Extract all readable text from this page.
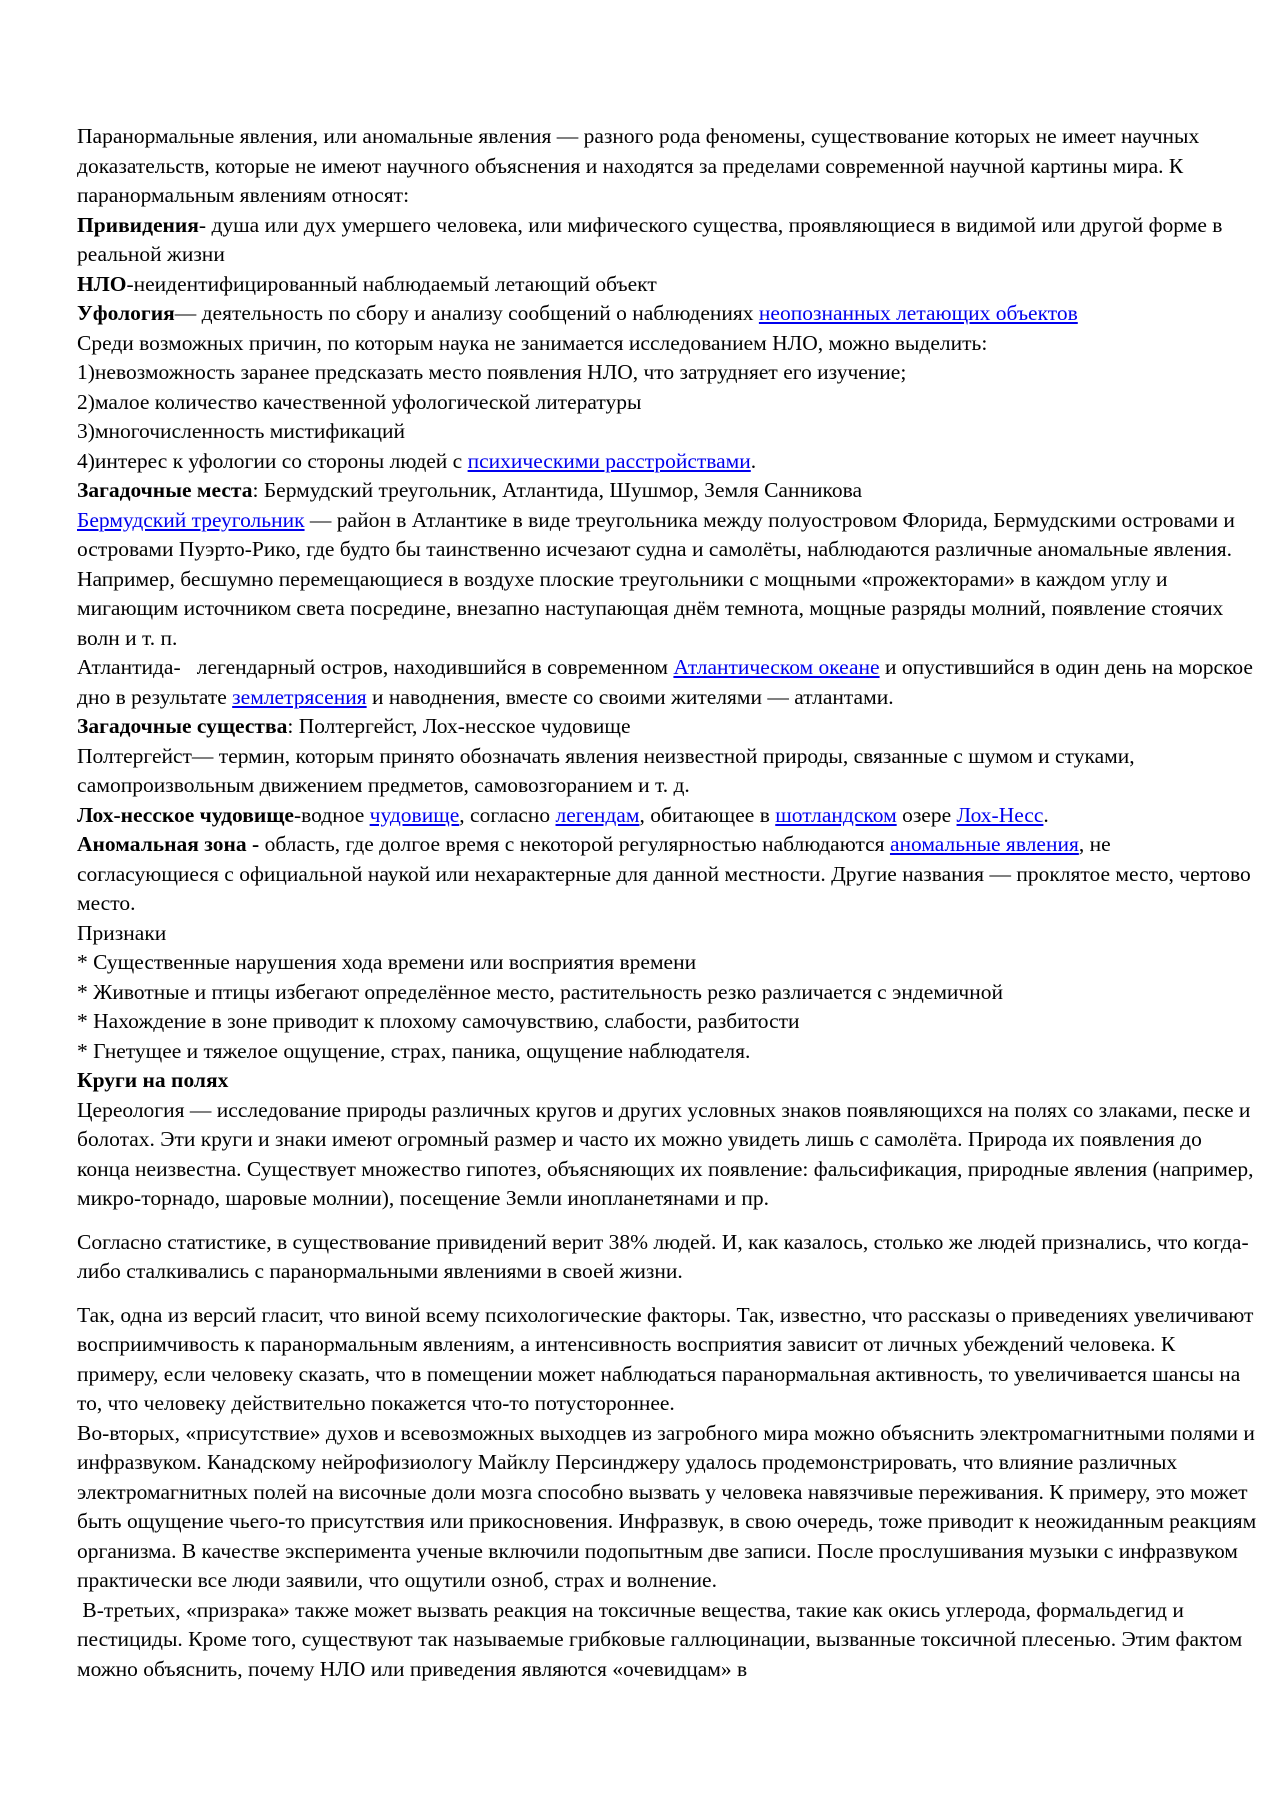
Паранормальные явления, или аномальные явления — разного рода феномены, существование которых не имеет научных доказательств, которые не имеют научного объяснения и находятся за пределами современной научной картины мира. К паранормальным явлениям относят:

Привидения- душа или дух умершего человека, или мифического существа, проявляющиеся в видимой или другой форме в реальной жизни

НЛО-неидентифицированный наблюдаемый летающий объект

Уфология— деятельность по сбору и анализу сообщений о наблюдениях неопознанных летающих объектов

Среди возможных причин, по которым наука не занимается исследованием НЛО, можно выделить:

1)невозможность заранее предсказать место появления НЛО, что затрудняет его изучение;

2)малое количество качественной уфологической литературы

3)многочисленность мистификаций

4)интерес к уфологии со стороны людей с психическими расстройствами.

Загадочные места: Бермудский треугольник, Атлантида, Шушмор, Земля Санникова

Бермудский треугольник — район в Атлантике в виде треугольника между полуостровом Флорида, Бермудскими островами и островами Пуэрто-Рико, где будто бы таинственно исчезают судна и самолёты, наблюдаются различные аномальные явления. Например, бесшумно перемещающиеся в воздухе плоские треугольники с мощными «прожекторами» в каждом углу и мигающим источником света посредине, внезапно наступающая днём темнота, мощные разряды молний, появление стоячих волн и т. п.

Атлантида-   легендарный остров, находившийся в современном Атлантическом океане и опустившийся в один день на морское дно в результате землетрясения и наводнения, вместе со своими жителями — атлантами.

Загадочные существа: Полтергейст, Лох-несское чудовище

Полтергейст— термин, которым принято обозначать явления неизвестной природы, связанные с шумом и стуками, самопроизвольным движением предметов, самовозгоранием и т. д.

Лох-несское чудовище-водное чудовище, согласно легендам, обитающее в шотландском озере Лох-Несс.

Аномальная зона - область, где долгое время с некоторой регулярностью наблюдаются аномальные явления, не согласующиеся с официальной наукой или нехарактерные для данной местности. Другие названия — проклятое место, чертово место.

Признаки

* Существенные нарушения хода времени или восприятия времени

* Животные и птицы избегают определённое место, растительность резко различается с эндемичной

* Нахождение в зоне приводит к плохому самочувствию, слабости, разбитости

* Гнетущее и тяжелое ощущение, страх, паника, ощущение наблюдателя.

Круги на полях

Цереология — исследование природы различных кругов и других условных знаков появляющихся на полях со злаками, песке и болотах. Эти круги и знаки имеют огромный размер и часто их можно увидеть лишь с самолёта. Природа их появления до конца неизвестна. Существует множество гипотез, объясняющих их появление: фальсификация, природные явления (например, микро-торнадо, шаровые молнии), посещение Земли инопланетянами и пр.

Согласно статистике, в существование привидений верит 38% людей. И, как казалось, столько же людей признались, что когда-либо сталкивались с паранормальными явлениями в своей жизни.

Так, одна из версий гласит, что виной всему психологические факторы. Так, известно, что рассказы о приведениях увеличивают восприимчивость к паранормальным явлениям, а интенсивность восприятия зависит от личных убеждений человека. К примеру, если человеку сказать, что в помещении может наблюдаться паранормальная активность, то увеличивается шансы на то, что человеку действительно покажется что-то потустороннее.

Во-вторых, «присутствие» духов и всевозможных выходцев из загробного мира можно объяснить электромагнитными полями и инфразвуком. Канадскому нейрофизиологу Майклу Персинджеру удалось продемонстрировать, что влияние различных электромагнитных полей на височные доли мозга способно вызвать у человека навязчивые переживания. К примеру, это может быть ощущение чьего-то присутствия или прикосновения. Инфразвук, в свою очередь, тоже приводит к неожиданным реакциям организма. В качестве эксперимента ученые включили подопытным две записи. После прослушивания музыки с инфразвуком практически все люди заявили, что ощутили озноб, страх и волнение.

В-третьих, «призрака» также может вызвать реакция на токсичные вещества, такие как окись углерода, формальдегид и пестициды. Кроме того, существуют так называемые грибковые галлюцинации, вызванные токсичной плесенью. Этим фактом можно объяснить, почему НЛО или приведения являются «очевидцам» в
